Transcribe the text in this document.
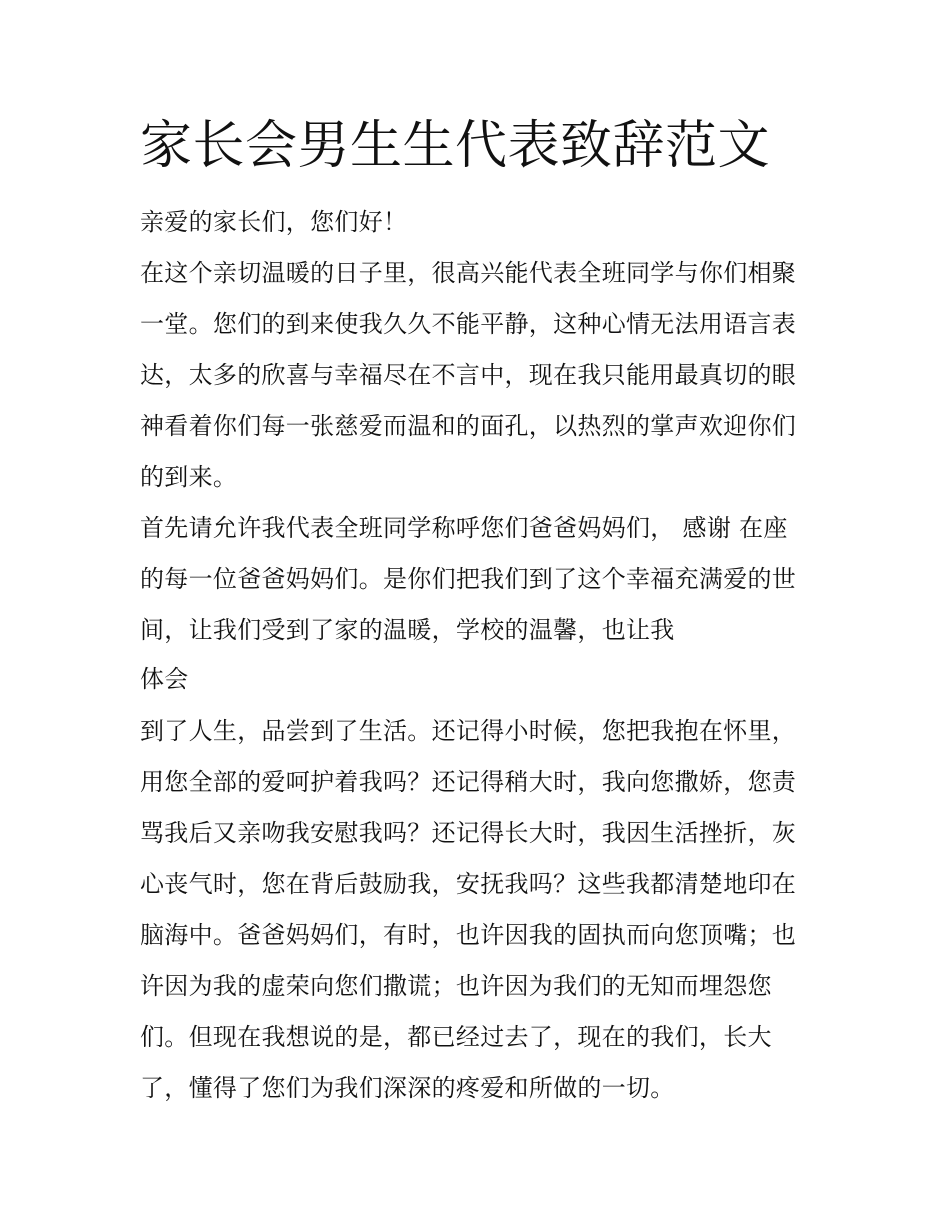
家长会男生生代表致辞范文
亲爱的家长们，您们好！
在这个亲切温暖的日子里，很高兴能代表全班同学与你们相聚
一堂。您们的到来使我久久不能平静，这种心情无法用语言表
达，太多的欣喜与幸福尽在不言中，现在我只能用最真切的眼
神看着你们每一张慈爱而温和的面孔，以热烈的掌声欢迎你们
的到来。
首先请允许我代表全班同学称呼您们爸爸妈妈们， 感谢 在座
的每一位爸爸妈妈们。是你们把我们到了这个幸福充满爱的世
间，让我们受到了家的温暖，学校的温馨，也让我
体会
到了人生，品尝到了生活。还记得小时候，您把我抱在怀里，
用您全部的爱呵护着我吗？还记得稍大时，我向您撒娇，您责
骂我后又亲吻我安慰我吗？还记得长大时，我因生活挫折，灰
心丧气时，您在背后鼓励我，安抚我吗？这些我都清楚地印在
脑海中。爸爸妈妈们，有时，也许因我的固执而向您顶嘴；也
许因为我的虚荣向您们撒谎；也许因为我们的无知而埋怨您
们。但现在我想说的是，都已经过去了，现在的我们，长大
了，懂得了您们为我们深深的疼爱和所做的一切。
